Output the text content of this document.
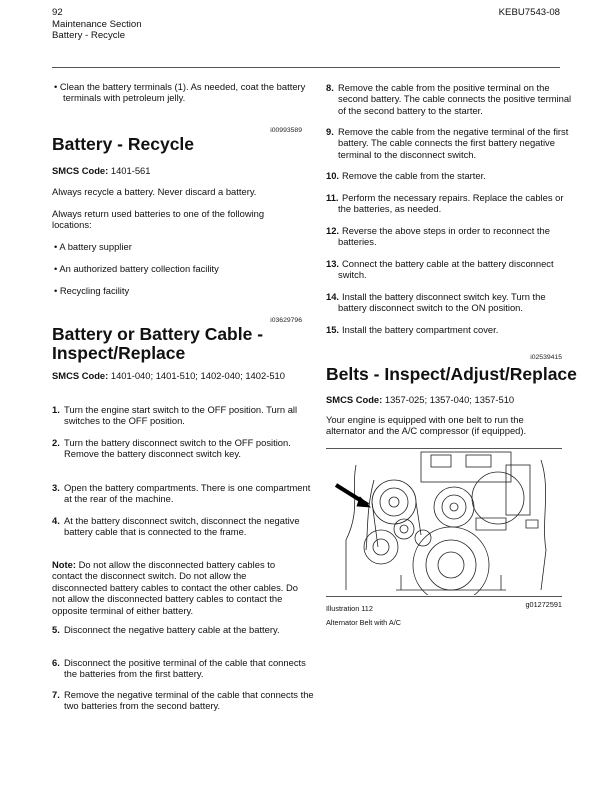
92
Maintenance Section
Battery - Recycle
KEBU7543-08
• Clean the battery terminals (1). As needed, coat the battery terminals with petroleum jelly.
i00993589
Battery - Recycle
SMCS Code: 1401-561
Always recycle a battery. Never discard a battery.
Always return used batteries to one of the following locations:
• A battery supplier
• An authorized battery collection facility
• Recycling facility
i03629796
Battery or Battery Cable - Inspect/Replace
SMCS Code: 1401-040; 1401-510; 1402-040; 1402-510
1. Turn the engine start switch to the OFF position. Turn all switches to the OFF position.
2. Turn the battery disconnect switch to the OFF position. Remove the battery disconnect switch key.
3. Open the battery compartments. There is one compartment at the rear of the machine.
4. At the battery disconnect switch, disconnect the negative battery cable that is connected to the frame.
Note: Do not allow the disconnected battery cables to contact the disconnect switch. Do not allow the disconnected battery cables to contact the other cables. Do not allow the disconnected battery cables to contact the opposite terminal of either battery.
5. Disconnect the negative battery cable at the battery.
6. Disconnect the positive terminal of the cable that connects the batteries from the first battery.
7. Remove the negative terminal of the cable that connects the two batteries from the second battery.
8. Remove the cable from the positive terminal on the second battery. The cable connects the positive terminal of the second battery to the starter.
9. Remove the cable from the negative terminal of the first battery. The cable connects the first battery negative terminal to the disconnect switch.
10. Remove the cable from the starter.
11. Perform the necessary repairs. Replace the cables or the batteries, as needed.
12. Reverse the above steps in order to reconnect the batteries.
13. Connect the battery cable at the battery disconnect switch.
14. Install the battery disconnect switch key. Turn the battery disconnect switch to the ON position.
15. Install the battery compartment cover.
i02539415
Belts - Inspect/Adjust/Replace
SMCS Code: 1357-025; 1357-040; 1357-510
Your engine is equipped with one belt to run the alternator and the A/C compressor (if equipped).
Illustration 112	g01272591
Alternator Belt with A/C
